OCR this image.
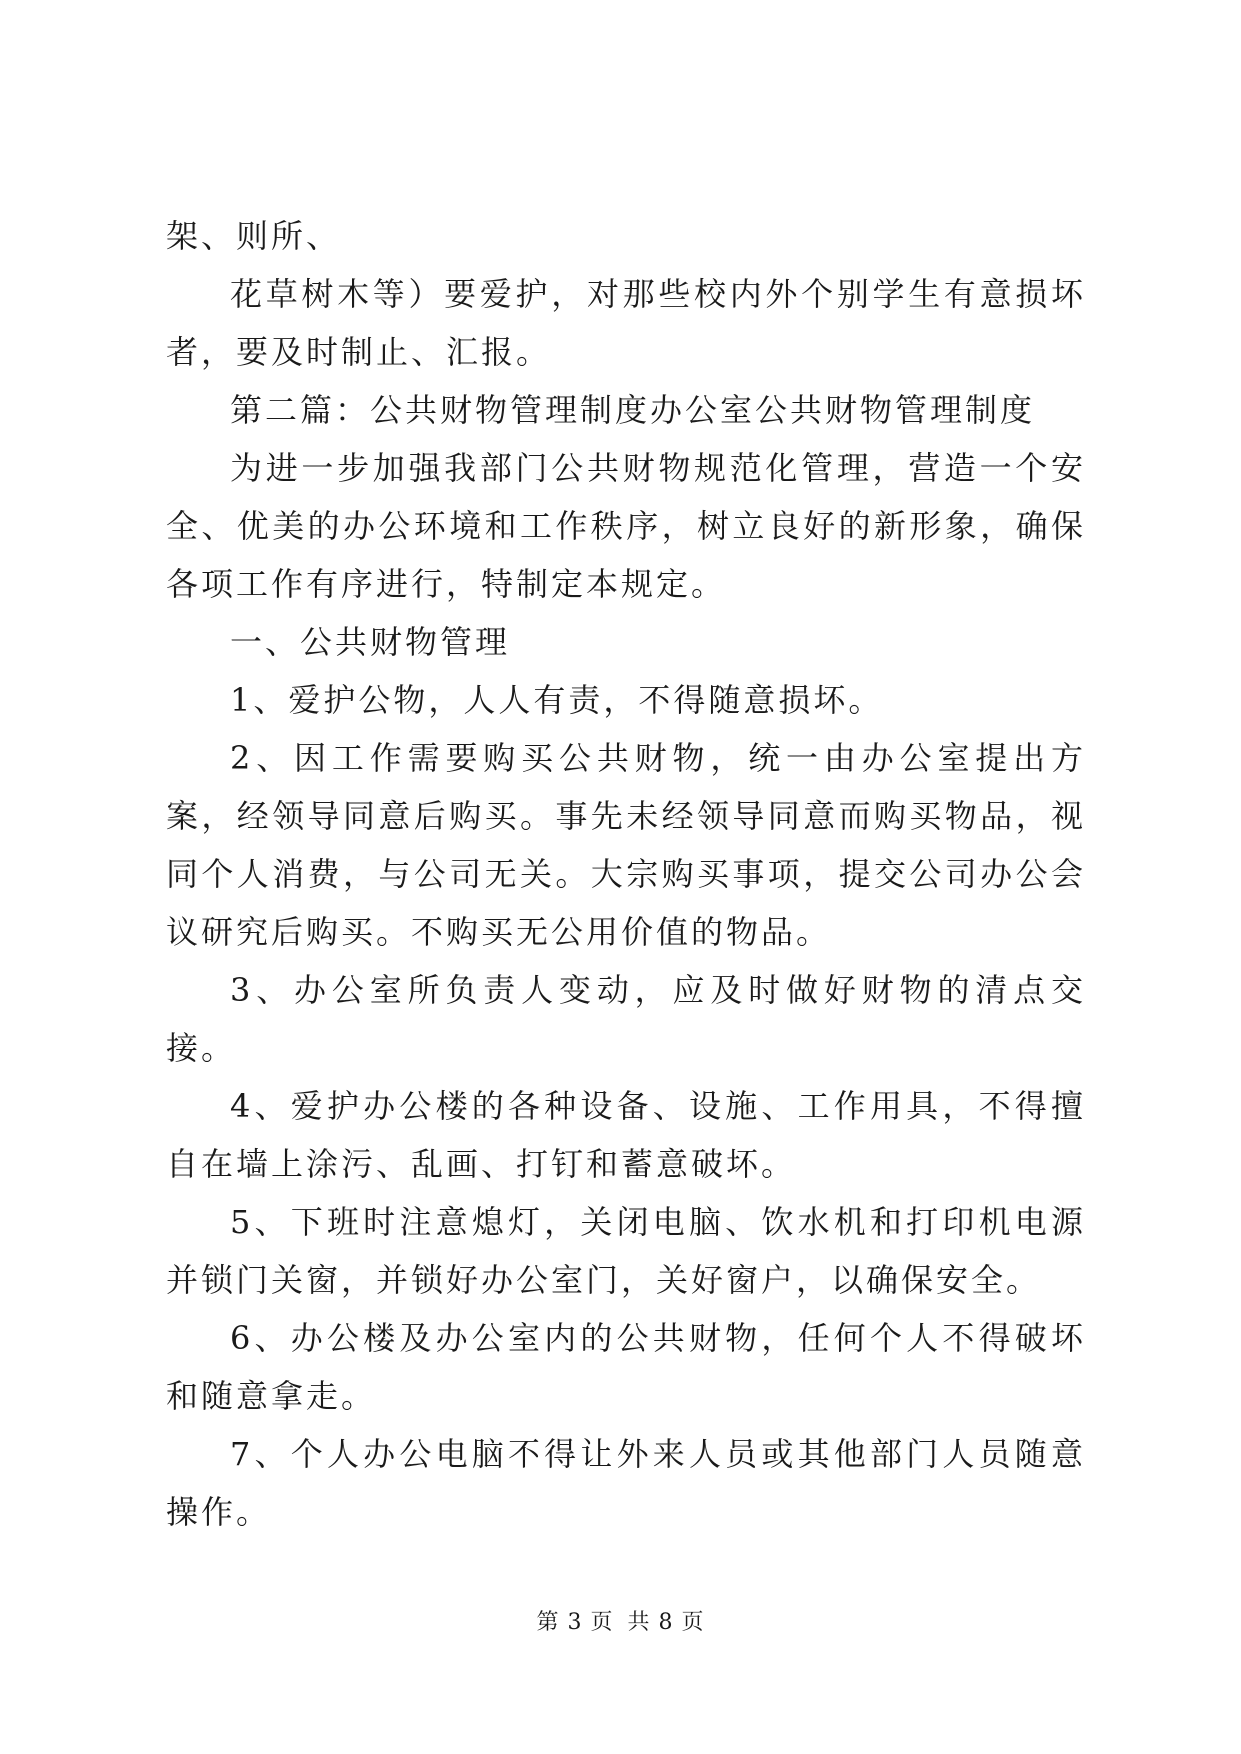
架、则所、

花草树木等）要爱护，对那些校内外个别学生有意损坏者，要及时制止、汇报。

第二篇：公共财物管理制度办公室公共财物管理制度

为进一步加强我部门公共财物规范化管理，营造一个安全、优美的办公环境和工作秩序，树立良好的新形象，确保各项工作有序进行，特制定本规定。

一、公共财物管理

1、爱护公物，人人有责，不得随意损坏。

2、因工作需要购买公共财物，统一由办公室提出方案，经领导同意后购买。事先未经领导同意而购买物品，视同个人消费，与公司无关。大宗购买事项，提交公司办公会议研究后购买。不购买无公用价值的物品。

3、办公室所负责人变动，应及时做好财物的清点交接。

4、爱护办公楼的各种设备、设施、工作用具，不得擅自在墙上涂污、乱画、打钉和蓄意破坏。

5、下班时注意熄灯，关闭电脑、饮水机和打印机电源并锁门关窗，并锁好办公室门，关好窗户，以确保安全。

6、办公楼及办公室内的公共财物，任何个人不得破坏和随意拿走。

7、个人办公电脑不得让外来人员或其他部门人员随意操作。

第 3 页 共 8 页
